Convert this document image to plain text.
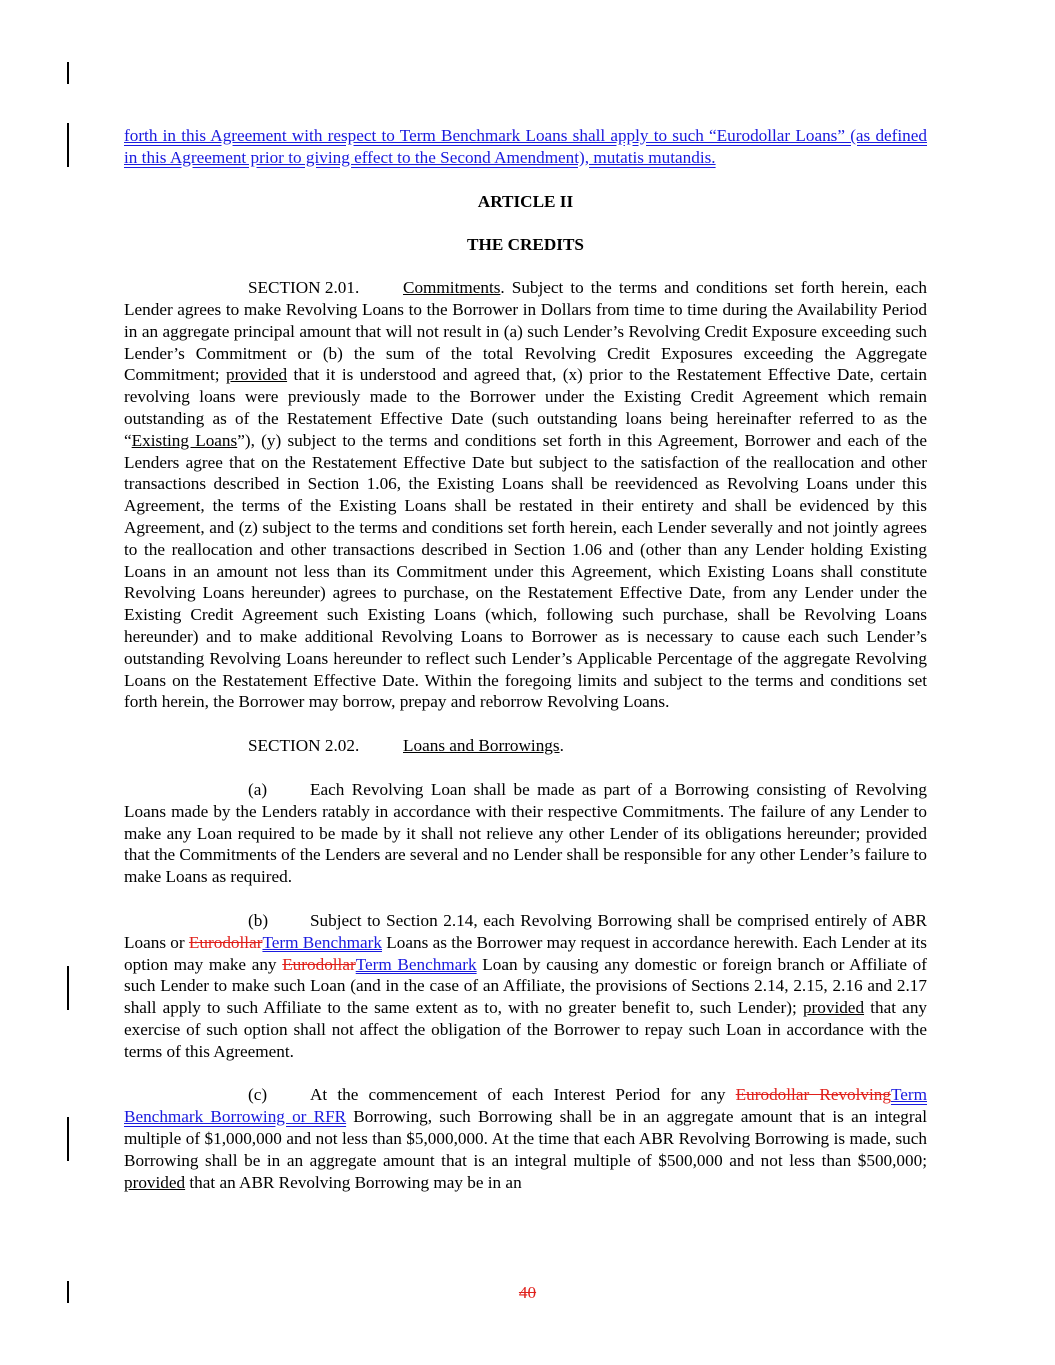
forth in this Agreement with respect to Term Benchmark Loans shall apply to such “Eurodollar Loans” (as defined in this Agreement prior to giving effect to the Second Amendment), mutatis mutandis.

ARTICLE II

THE CREDITS

SECTION 2.01.	Commitments. Subject to the terms and conditions set forth herein, each Lender agrees to make Revolving Loans to the Borrower in Dollars from time to time during the Availability Period in an aggregate principal amount that will not result in (a) such Lender’s Revolving Credit Exposure exceeding such Lender’s Commitment or (b) the sum of the total Revolving Credit Exposures exceeding the Aggregate Commitment; provided that it is understood and agreed that, (x) prior to the Restatement Effective Date, certain revolving loans were previously made to the Borrower under the Existing Credit Agreement which remain outstanding as of the Restatement Effective Date (such outstanding loans being hereinafter referred to as the “Existing Loans”), (y) subject to the terms and conditions set forth in this Agreement, Borrower and each of the Lenders agree that on the Restatement Effective Date but subject to the satisfaction of the reallocation and other transactions described in Section 1.06, the Existing Loans shall be reevidenced as Revolving Loans under this Agreement, the terms of the Existing Loans shall be restated in their entirety and shall be evidenced by this Agreement, and (z) subject to the terms and conditions set forth herein, each Lender severally and not jointly agrees to the reallocation and other transactions described in Section 1.06 and (other than any Lender holding Existing Loans in an amount not less than its Commitment under this Agreement, which Existing Loans shall constitute Revolving Loans hereunder) agrees to purchase, on the Restatement Effective Date, from any Lender under the Existing Credit Agreement such Existing Loans (which, following such purchase, shall be Revolving Loans hereunder) and to make additional Revolving Loans to Borrower as is necessary to cause each such Lender’s outstanding Revolving Loans hereunder to reflect such Lender’s Applicable Percentage of the aggregate Revolving Loans on the Restatement Effective Date. Within the foregoing limits and subject to the terms and conditions set forth herein, the Borrower may borrow, prepay and reborrow Revolving Loans.

SECTION 2.02.	Loans and Borrowings.

(a) Each Revolving Loan shall be made as part of a Borrowing consisting of Revolving Loans made by the Lenders ratably in accordance with their respective Commitments. The failure of any Lender to make any Loan required to be made by it shall not relieve any other Lender of its obligations hereunder; provided that the Commitments of the Lenders are several and no Lender shall be responsible for any other Lender’s failure to make Loans as required.

(b) Subject to Section 2.14, each Revolving Borrowing shall be comprised entirely of ABR Loans or EurodollarTerm Benchmark Loans as the Borrower may request in accordance herewith. Each Lender at its option may make any EurodollarTerm Benchmark Loan by causing any domestic or foreign branch or Affiliate of such Lender to make such Loan (and in the case of an Affiliate, the provisions of Sections 2.14, 2.15, 2.16 and 2.17 shall apply to such Affiliate to the same extent as to, with no greater benefit to, such Lender); provided that any exercise of such option shall not affect the obligation of the Borrower to repay such Loan in accordance with the terms of this Agreement.

(c) At the commencement of each Interest Period for any Eurodollar RevolvingTerm Benchmark Borrowing or RFR Borrowing, such Borrowing shall be in an aggregate amount that is an integral multiple of $1,000,000 and not less than $5,000,000. At the time that each ABR Revolving Borrowing is made, such Borrowing shall be in an aggregate amount that is an integral multiple of $500,000 and not less than $500,000; provided that an ABR Revolving Borrowing may be in an

40
